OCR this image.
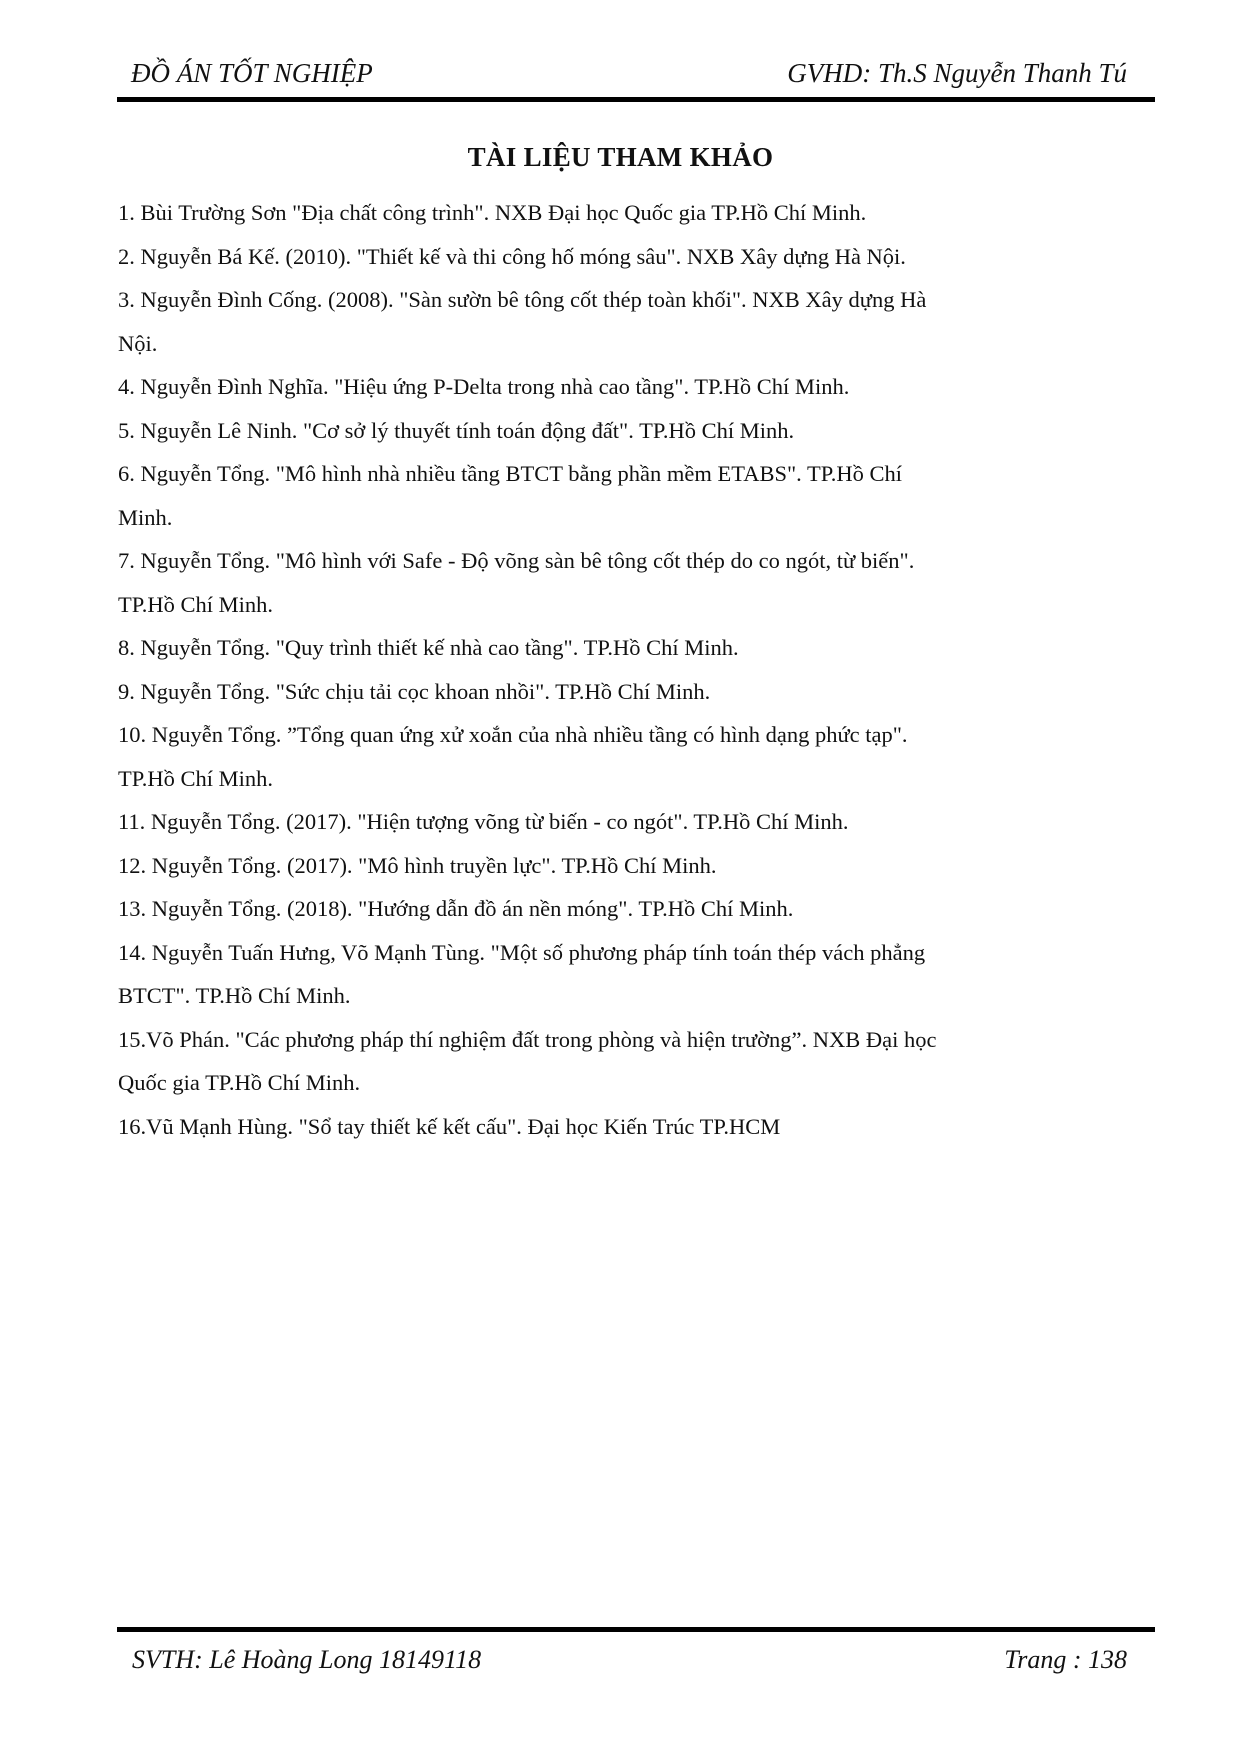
ĐỒ ÁN TỐT NGHIỆP	GVHD: Th.S Nguyễn Thanh Tú
TÀI LIỆU THAM KHẢO
1. Bùi Trường Sơn "Địa chất công trình". NXB Đại học Quốc gia TP.Hồ Chí Minh.
2. Nguyễn Bá Kế. (2010). "Thiết kế và thi công hố móng sâu". NXB Xây dựng Hà Nội.
3. Nguyễn Đình Cống. (2008). "Sàn sườn bê tông cốt thép toàn khối". NXB Xây dựng Hà Nội.
4. Nguyễn Đình Nghĩa. "Hiệu ứng P-Delta trong nhà cao tầng". TP.Hồ Chí Minh.
5. Nguyễn Lê Ninh. "Cơ sở lý thuyết tính toán động đất". TP.Hồ Chí Minh.
6. Nguyễn Tổng. "Mô hình nhà nhiều tầng BTCT bằng phần mềm ETABS". TP.Hồ Chí Minh.
7. Nguyễn Tổng. "Mô hình với Safe - Độ võng sàn bê tông cốt thép do co ngót, từ biến". TP.Hồ Chí Minh.
8. Nguyễn Tổng. "Quy trình thiết kế nhà cao tầng". TP.Hồ Chí Minh.
9. Nguyễn Tổng. "Sức chịu tải cọc khoan nhồi". TP.Hồ Chí Minh.
10. Nguyễn Tổng. ”Tổng quan ứng xử xoắn của nhà nhiều tầng có hình dạng phức tạp". TP.Hồ Chí Minh.
11. Nguyễn Tổng. (2017). "Hiện tượng võng từ biến - co ngót". TP.Hồ Chí Minh.
12. Nguyễn Tổng. (2017). "Mô hình truyền lực". TP.Hồ Chí Minh.
13. Nguyễn Tổng. (2018). "Hướng dẫn đồ án nền móng". TP.Hồ Chí Minh.
14. Nguyễn Tuấn Hưng, Võ Mạnh Tùng. "Một số phương pháp tính toán thép vách phẳng BTCT". TP.Hồ Chí Minh.
15.Võ Phán. "Các phương pháp thí nghiệm đất trong phòng và hiện trường”. NXB Đại học Quốc gia TP.Hồ Chí Minh.
16.Vũ Mạnh Hùng. "Sổ tay thiết kế kết cấu". Đại học Kiến Trúc TP.HCM
SVTH: Lê Hoàng Long 18149118	Trang : 138
